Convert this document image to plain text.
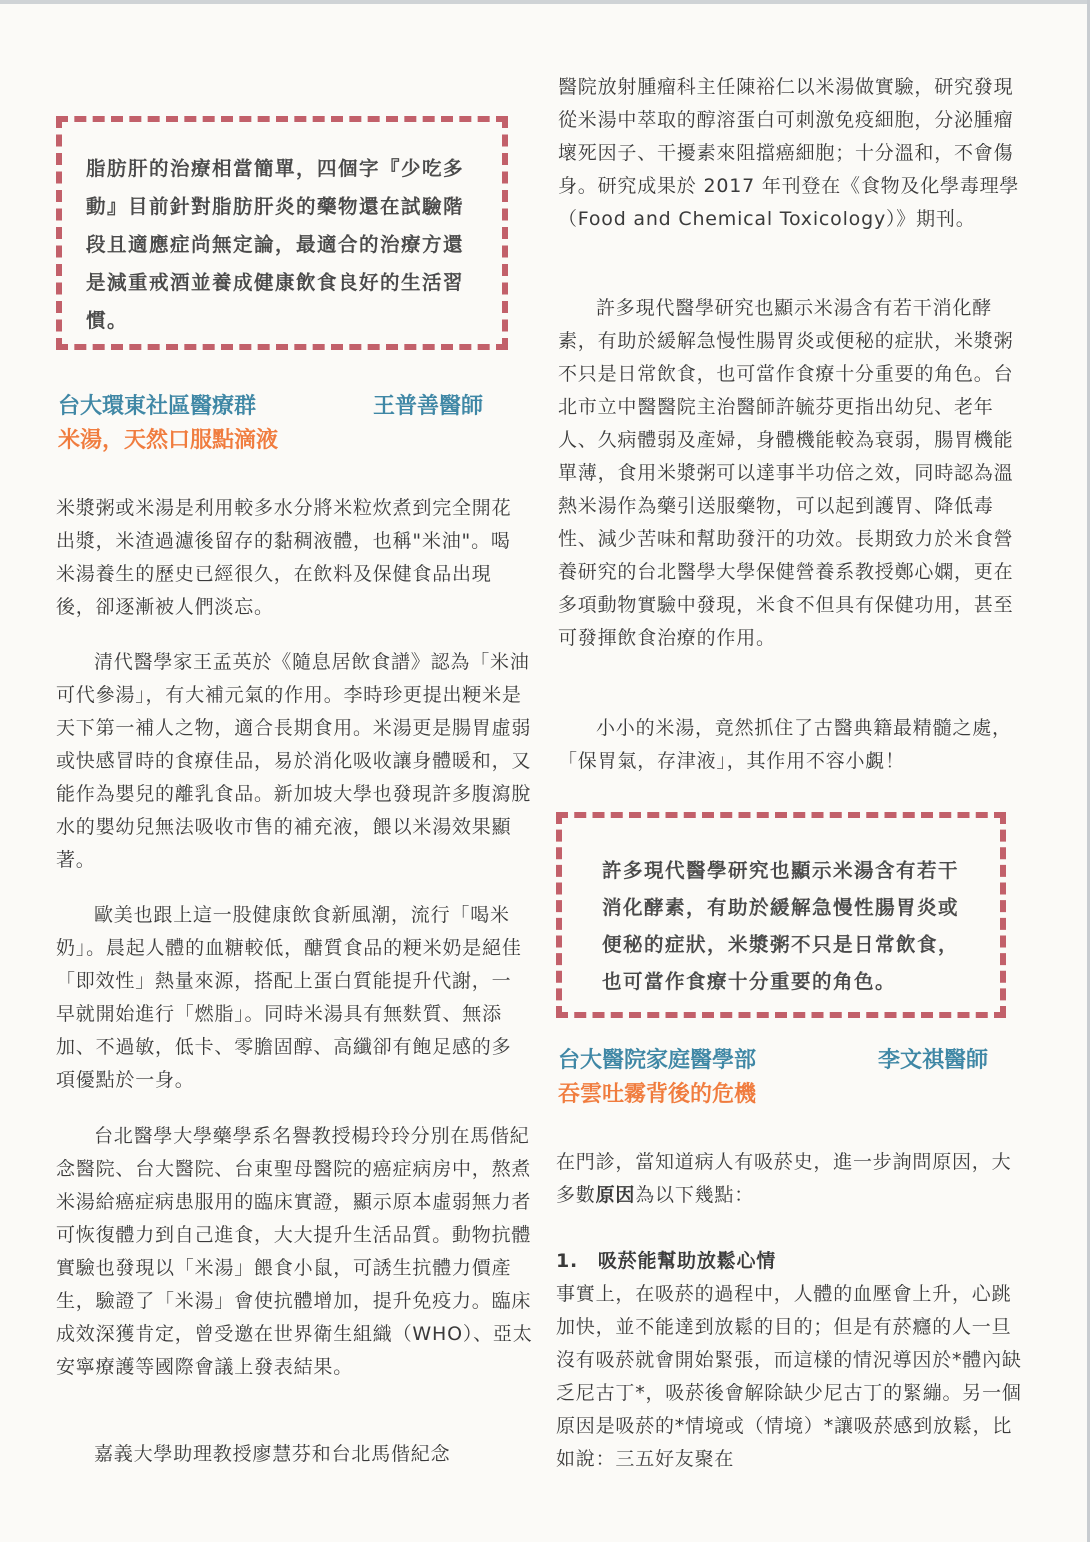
脂肪肝的治療相當簡單，四個字『少吃多動』目前針對脂肪肝炎的藥物還在試驗階段且適應症尚無定論，最適合的治療方還是減重戒酒並養成健康飲食良好的生活習慣。
台大環東社區醫療群	王普善醫師
米湯，天然口服點滴液

米漿粥或米湯是利用較多水分將米粒炊煮到完全開花出漿，米渣過濾後留存的黏稠液體，也稱"米油"。喝米湯養生的歷史已經很久，在飲料及保健食品出現後，卻逐漸被人們淡忘。

清代醫學家王孟英於《隨息居飲食譜》認為「米油可代參湯」，有大補元氣的作用。李時珍更提出粳米是天下第一補人之物，適合長期食用。米湯更是腸胃虛弱或快感冒時的食療佳品，易於消化吸收讓身體暖和，又能作為嬰兒的離乳食品。新加坡大學也發現許多腹瀉脫水的嬰幼兒無法吸收市售的補充液，餵以米湯效果顯著。

歐美也跟上這一股健康飲食新風潮，流行「喝米奶」。晨起人體的血糖較低，醣質食品的粳米奶是絕佳「即效性」熱量來源，搭配上蛋白質能提升代謝，一早就開始進行「燃脂」。同時米湯具有無麩質、無添加、不過敏，低卡、零膽固醇、高纖卻有飽足感的多項優點於一身。

台北醫學大學藥學系名譽教授楊玲玲分別在馬偕紀念醫院、台大醫院、台東聖母醫院的癌症病房中，熬煮米湯給癌症病患服用的臨床實證，顯示原本虛弱無力者可恢復體力到自己進食，大大提升生活品質。動物抗體實驗也發現以「米湯」餵食小鼠，可誘生抗體力價產生，驗證了「米湯」會使抗體增加，提升免疫力。臨床成效深獲肯定，曾受邀在世界衛生組織（WHO）、亞太安寧療護等國際會議上發表結果。

嘉義大學助理教授廖慧芬和台北馬偕紀念

醫院放射腫瘤科主任陳裕仁以米湯做實驗，研究發現從米湯中萃取的醇溶蛋白可刺激免疫細胞，分泌腫瘤壞死因子、干擾素來阻擋癌細胞；十分溫和，不會傷身。研究成果於 2017 年刊登在《食物及化學毒理學（Food and Chemical Toxicology）》期刊。

許多現代醫學研究也顯示米湯含有若干消化酵素，有助於緩解急慢性腸胃炎或便秘的症狀，米漿粥不只是日常飲食，也可當作食療十分重要的角色。台北市立中醫醫院主治醫師許毓芬更指出幼兒、老年人、久病體弱及產婦，身體機能較為衰弱，腸胃機能單薄，食用米漿粥可以達事半功倍之效，同時認為溫熱米湯作為藥引送服藥物，可以起到護胃、降低毒性、減少苦味和幫助發汗的功效。長期致力於米食營養研究的台北醫學大學保健營養系教授鄭心嫻，更在多項動物實驗中發現，米食不但具有保健功用，甚至可發揮飲食治療的作用。

小小的米湯，竟然抓住了古醫典籍最精髓之處，「保胃氣，存津液」，其作用不容小覷！

許多現代醫學研究也顯示米湯含有若干消化酵素，有助於緩解急慢性腸胃炎或便秘的症狀，米漿粥不只是日常飲食，也可當作食療十分重要的角色。
台大醫院家庭醫學部	李文祺醫師
吞雲吐霧背後的危機

在門診，當知道病人有吸菸史，進一步詢問原因，大多數原因為以下幾點：

1.　吸菸能幫助放鬆心情

事實上，在吸菸的過程中，人體的血壓會上升，心跳加快，並不能達到放鬆的目的；但是有菸癮的人一旦沒有吸菸就會開始緊張，而這樣的情況導因於*體內缺乏尼古丁*，吸菸後會解除缺少尼古丁的緊繃。另一個原因是吸菸的*情境或（情境）*讓吸菸感到放鬆，比如說：三五好友聚在
